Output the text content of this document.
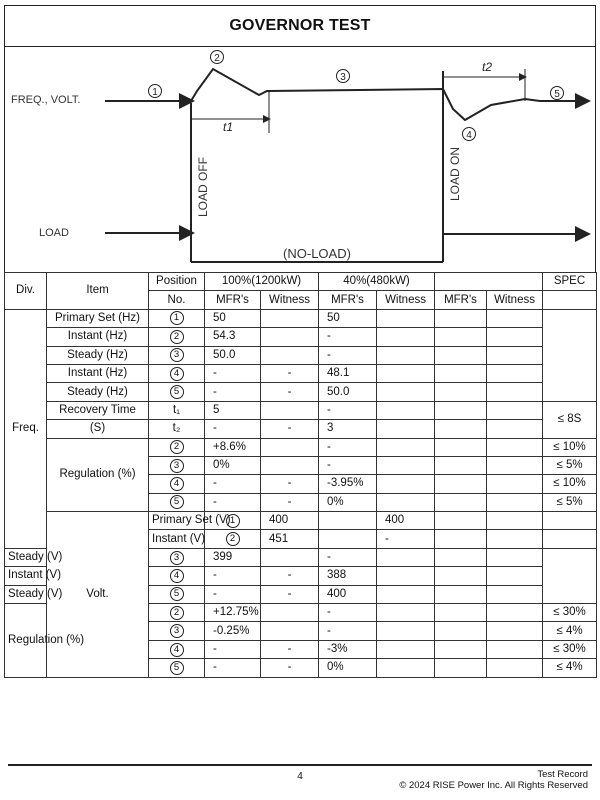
GOVERNOR TEST
FREQ., VOLT.
1
2
3
4
5
t1
t2
LOAD OFF	LOAD ON
LOAD
(NO-LOAD)
Div.	Item	Position	100%(1200kW)		40%(480kW)				SPEC	
		No.	MFR's	Witness	MFR's	Witness	MFR's	Witness		
Freq.	Primary Set (Hz)	1	50		50					
	Instant (Hz)	2	54.3		-					
	Steady (Hz)	3	50.0		-					
	Instant (Hz)	4	-	-	48.1					
	Steady (Hz)	5	-	-	50.0					
	Recovery Time	t₁	5		-				≤ 8S	
	(S)	t₂	-	-	3					
	Regulation (%)	2	+8.6%		-				≤ 10%	
		3	0%		-				≤ 5%	
		4	-	-	-3.95%				≤ 10%	
		5	-	-	0%				≤ 5%	
	Volt.	Primary Set (V)	1	400		400				
		Instant (V)	2	451		-				
Steady (V)		3	399		-					
Instant (V)		4	-	-	388					
Steady (V)		5	-	-	400					
Regulation (%)		2	+12.75%		-				≤ 30%	
		3	-0.25%		-				≤ 4%	
		4	-	-	-3%				≤ 30%	
		5	-	-	0%				≤ 4%	
4	Test Record
© 2024 RISE Power Inc. All Rights Reserved
